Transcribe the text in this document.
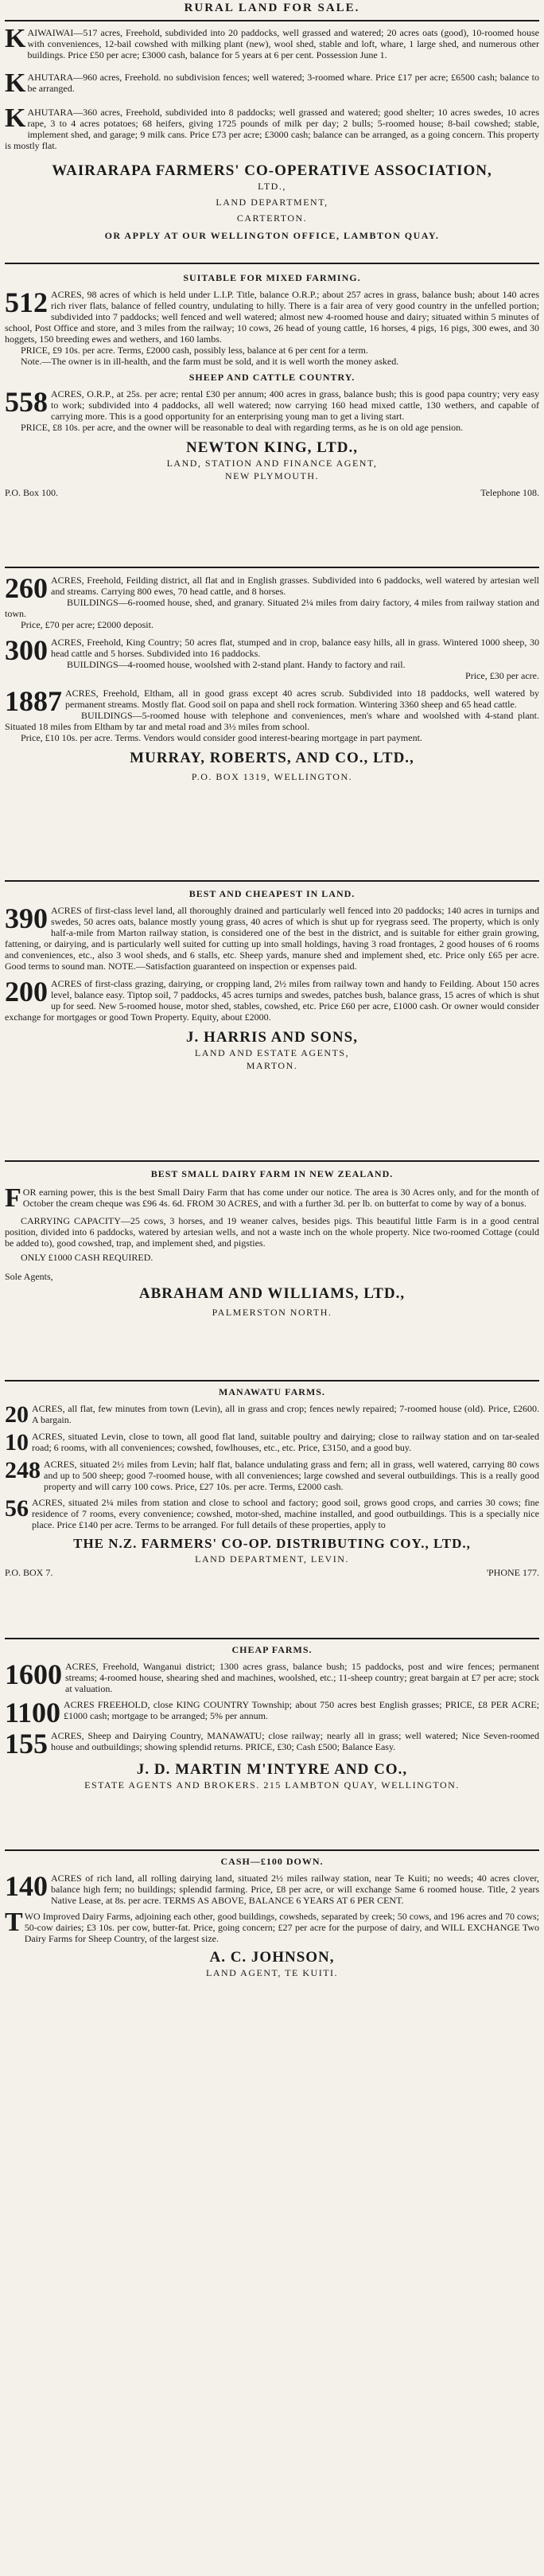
RURAL LAND FOR SALE.
K AIWAIWAI—517 acres, Freehold, subdivided into 20 paddocks, well grassed and watered; 20 acres oats (good), 10-roomed house with conveniences, 12-bail cowshed with milking plant (new), wool shed, stable and loft, whare, 1 large shed, and numerous other buildings. Price £50 per acre; £3000 cash, balance for 5 years at 6 per cent. Possession June 1.

K AHUTARA—960 acres, Freehold. no subdivision fences; well watered; 3-roomed whare. Price £17 per acre; £6500 cash; balance to be arranged.

K AHUTARA—360 acres, Freehold, subdivided into 8 paddocks; well grassed and watered; good shelter; 10 acres swedes, 10 acres rape, 3 to 4 acres potatoes; 68 heifers, giving 1725 pounds of milk per day; 2 bulls; 5-roomed house; 8-bail cowshed; stable, implement shed, and garage; 9 milk cans. Price £73 per acre; £3000 cash; balance can be arranged, as a going concern. This property is mostly flat.

WAIRARAPA FARMERS' CO-OPERATIVE ASSOCIATION,
LTD.,
LAND DEPARTMENT,
CARTERTON.
OR APPLY AT OUR WELLINGTON OFFICE, LAMBTON QUAY.
SUITABLE FOR MIXED FARMING.
512 ACRES, 98 acres of which is held under L.I.P. Title, balance O.R.P.; about 257 acres in grass, balance bush; about 140 acres rich river flats, balance of felled country, undulating to hilly. There is a fair area of very good country in the unfelled portion; subdivided into 7 paddocks; well fenced and well watered; almost new 4-roomed house and dairy; situated within 5 minutes of school, Post Office and store, and 3 miles from the railway; 10 cows, 26 head of young cattle, 16 horses, 4 pigs, 16 pigs, 300 ewes, and 30 hoggets, 150 breeding ewes and wethers, and 160 lambs.

PRICE, £9 10s. per acre. Terms, £2000 cash, possibly less, balance at 6 per cent for a term.

Note.—The owner is in ill-health, and the farm must be sold, and it is well worth the money asked.

SHEEP AND CATTLE COUNTRY.
558 ACRES, O.R.P., at 25s. per acre; rental £30 per annum; 400 acres in grass, balance bush; this is good papa country; very easy to work; subdivided into 4 paddocks, all well watered; now carrying 160 head mixed cattle, 130 wethers, and capable of carrying more. This is a good opportunity for an enterprising young man to get a living start.

PRICE, £8 10s. per acre, and the owner will be reasonable to deal with regarding terms, as he is on old age pension.

NEWTON KING, LTD.,
LAND, STATION AND FINANCE AGENT,
NEW PLYMOUTH.
P.O. Box 100.	Telephone 108.
260 ACRES, Freehold, Feilding district, all flat and in English grasses. Subdivided into 6 paddocks, well watered by artesian well and streams. Carrying 800 ewes, 70 head cattle, and 8 horses.

BUILDINGS—6-roomed house, shed, and granary. Situated 2¼ miles from dairy factory, 4 miles from railway station and town.

Price, £70 per acre; £2000 deposit.

300 ACRES, Freehold, King Country; 50 acres flat, stumped and in crop, balance easy hills, all in grass. Wintered 1000 sheep, 30 head cattle and 5 horses. Subdivided into 16 paddocks.

BUILDINGS—4-roomed house, woolshed with 2-stand plant. Handy to factory and rail.

Price, £30 per acre.

1887 ACRES, Freehold, Eltham, all in good grass except 40 acres scrub. Subdivided into 18 paddocks, well watered by permanent streams. Mostly flat. Good soil on papa and shell rock formation. Wintering 3360 sheep and 65 head cattle.

BUILDINGS—5-roomed house with telephone and conveniences, men's whare and woolshed with 4-stand plant. Situated 18 miles from Eltham by tar and metal road and 3½ miles from school.

Price, £10 10s. per acre. Terms. Vendors would consider good interest-bearing mortgage in part payment.

MURRAY, ROBERTS, AND CO., LTD.,
P.O. BOX 1319, WELLINGTON.
BEST AND CHEAPEST IN LAND.
390 ACRES of first-class level land, all thoroughly drained and particularly well fenced into 20 paddocks; 140 acres in turnips and swedes, 50 acres oats, balance mostly young grass, 40 acres of which is shut up for ryegrass seed. The property, which is only half-a-mile from Marton railway station, is considered one of the best in the district, and is suitable for either grain growing, fattening, or dairying, and is particularly well suited for cutting up into small holdings, having 3 road frontages, 2 good houses of 6 rooms and conveniences, etc., also 3 wool sheds, and 6 stalls, etc. Sheep yards, manure shed and implement shed, etc. Price only £65 per acre. Good terms to sound man. NOTE.—Satisfaction guaranteed on inspection or expenses paid.

200 ACRES of first-class grazing, dairying, or cropping land, 2½ miles from railway town and handy to Feilding. About 150 acres level, balance easy. Tiptop soil, 7 paddocks, 45 acres turnips and swedes, patches bush, balance grass, 15 acres of which is shut up for seed. New 5-roomed house, motor shed, stables, cowshed, etc. Price £60 per acre, £1000 cash. Or owner would consider exchange for mortgages or good Town Property. Equity, about £2000.

J. HARRIS AND SONS,
LAND AND ESTATE AGENTS,
MARTON.
BEST SMALL DAIRY FARM IN NEW ZEALAND.
F OR earning power, this is the best Small Dairy Farm that has come under our notice. The area is 30 Acres only, and for the month of October the cream cheque was £96 4s. 6d. FROM 30 ACRES, and with a further 3d. per lb. on butterfat to come by way of a bonus.

CARRYING CAPACITY—25 cows, 3 horses, and 19 weaner calves, besides pigs. This beautiful little Farm is in a good central position, divided into 6 paddocks, watered by artesian wells, and not a waste inch on the whole property. Nice two-roomed Cottage (could be added to), good cowshed, trap, and implement shed, and pigsties.

ONLY £1000 CASH REQUIRED.

Sole Agents,
ABRAHAM AND WILLIAMS, LTD.,
PALMERSTON NORTH.
MANAWATU FARMS.
20 ACRES, all flat, few minutes from town (Levin), all in grass and crop; fences newly repaired; 7-roomed house (old). Price, £2600. A bargain.

10 ACRES, situated Levin, close to town, all good flat land, suitable poultry and dairying; close to railway station and on tar-sealed road; 6 rooms, with all conveniences; cowshed, fowlhouses, etc., etc. Price, £3150, and a good buy.

248 ACRES, situated 2½ miles from Levin; half flat, balance undulating grass and fern; all in grass, well watered, carrying 80 cows and up to 500 sheep; good 7-roomed house, with all conveniences; large cowshed and several outbuildings. This is a really good property and will carry 100 cows. Price, £27 10s. per acre. Terms, £2000 cash.

56 ACRES, situated 2¼ miles from station and close to school and factory; good soil, grows good crops, and carries 30 cows; fine residence of 7 rooms, every convenience; cowshed, motor-shed, machine installed, and good outbuildings. This is a specially nice place. Price £140 per acre. Terms to be arranged. For full details of these properties, apply to

THE N.Z. FARMERS' CO-OP. DISTRIBUTING COY., LTD.,
LAND DEPARTMENT, LEVIN.
P.O. BOX 7.	'PHONE 177.
CHEAP FARMS.
1600 ACRES, Freehold, Wanganui district; 1300 acres grass, balance bush; 15 paddocks, post and wire fences; permanent streams; 4-roomed house, shearing shed and machines, woolshed, etc.; 11-sheep country; great bargain at £7 per acre; stock at valuation.

1100 ACRES FREEHOLD, close KING COUNTRY Township; about 750 acres best English grasses; PRICE, £8 PER ACRE; £1000 cash; mortgage to be arranged; 5% per annum.

155 ACRES, Sheep and Dairying Country, MANAWATU; close railway; nearly all in grass; well watered; Nice Seven-roomed house and outbuildings; showing splendid returns. PRICE, £30; Cash £500; Balance Easy.

J. D. MARTIN M'INTYRE AND CO.,
ESTATE AGENTS AND BROKERS. 215 LAMBTON QUAY, WELLINGTON.
CASH—£100 DOWN.
140 ACRES of rich land, all rolling dairying land, situated 2½ miles railway station, near Te Kuiti; no weeds; 40 acres clover, balance high fern; no buildings; splendid farming. Price, £8 per acre, or will exchange Same 6 roomed house. Title, 2 years Native Lease, at 8s. per acre. TERMS AS ABOVE, BALANCE 6 YEARS AT 6 PER CENT.

T WO Improved Dairy Farms, adjoining each other, good buildings, cowsheds, separated by creek; 50 cows, and 196 acres and 70 cows; 50-cow dairies; £3 10s. per cow, butter-fat. Price, going concern; £27 per acre for the purpose of dairy, and WILL EXCHANGE Two Dairy Farms for Sheep Country, of the largest size.

A. C. JOHNSON,
LAND AGENT, TE KUITI.
